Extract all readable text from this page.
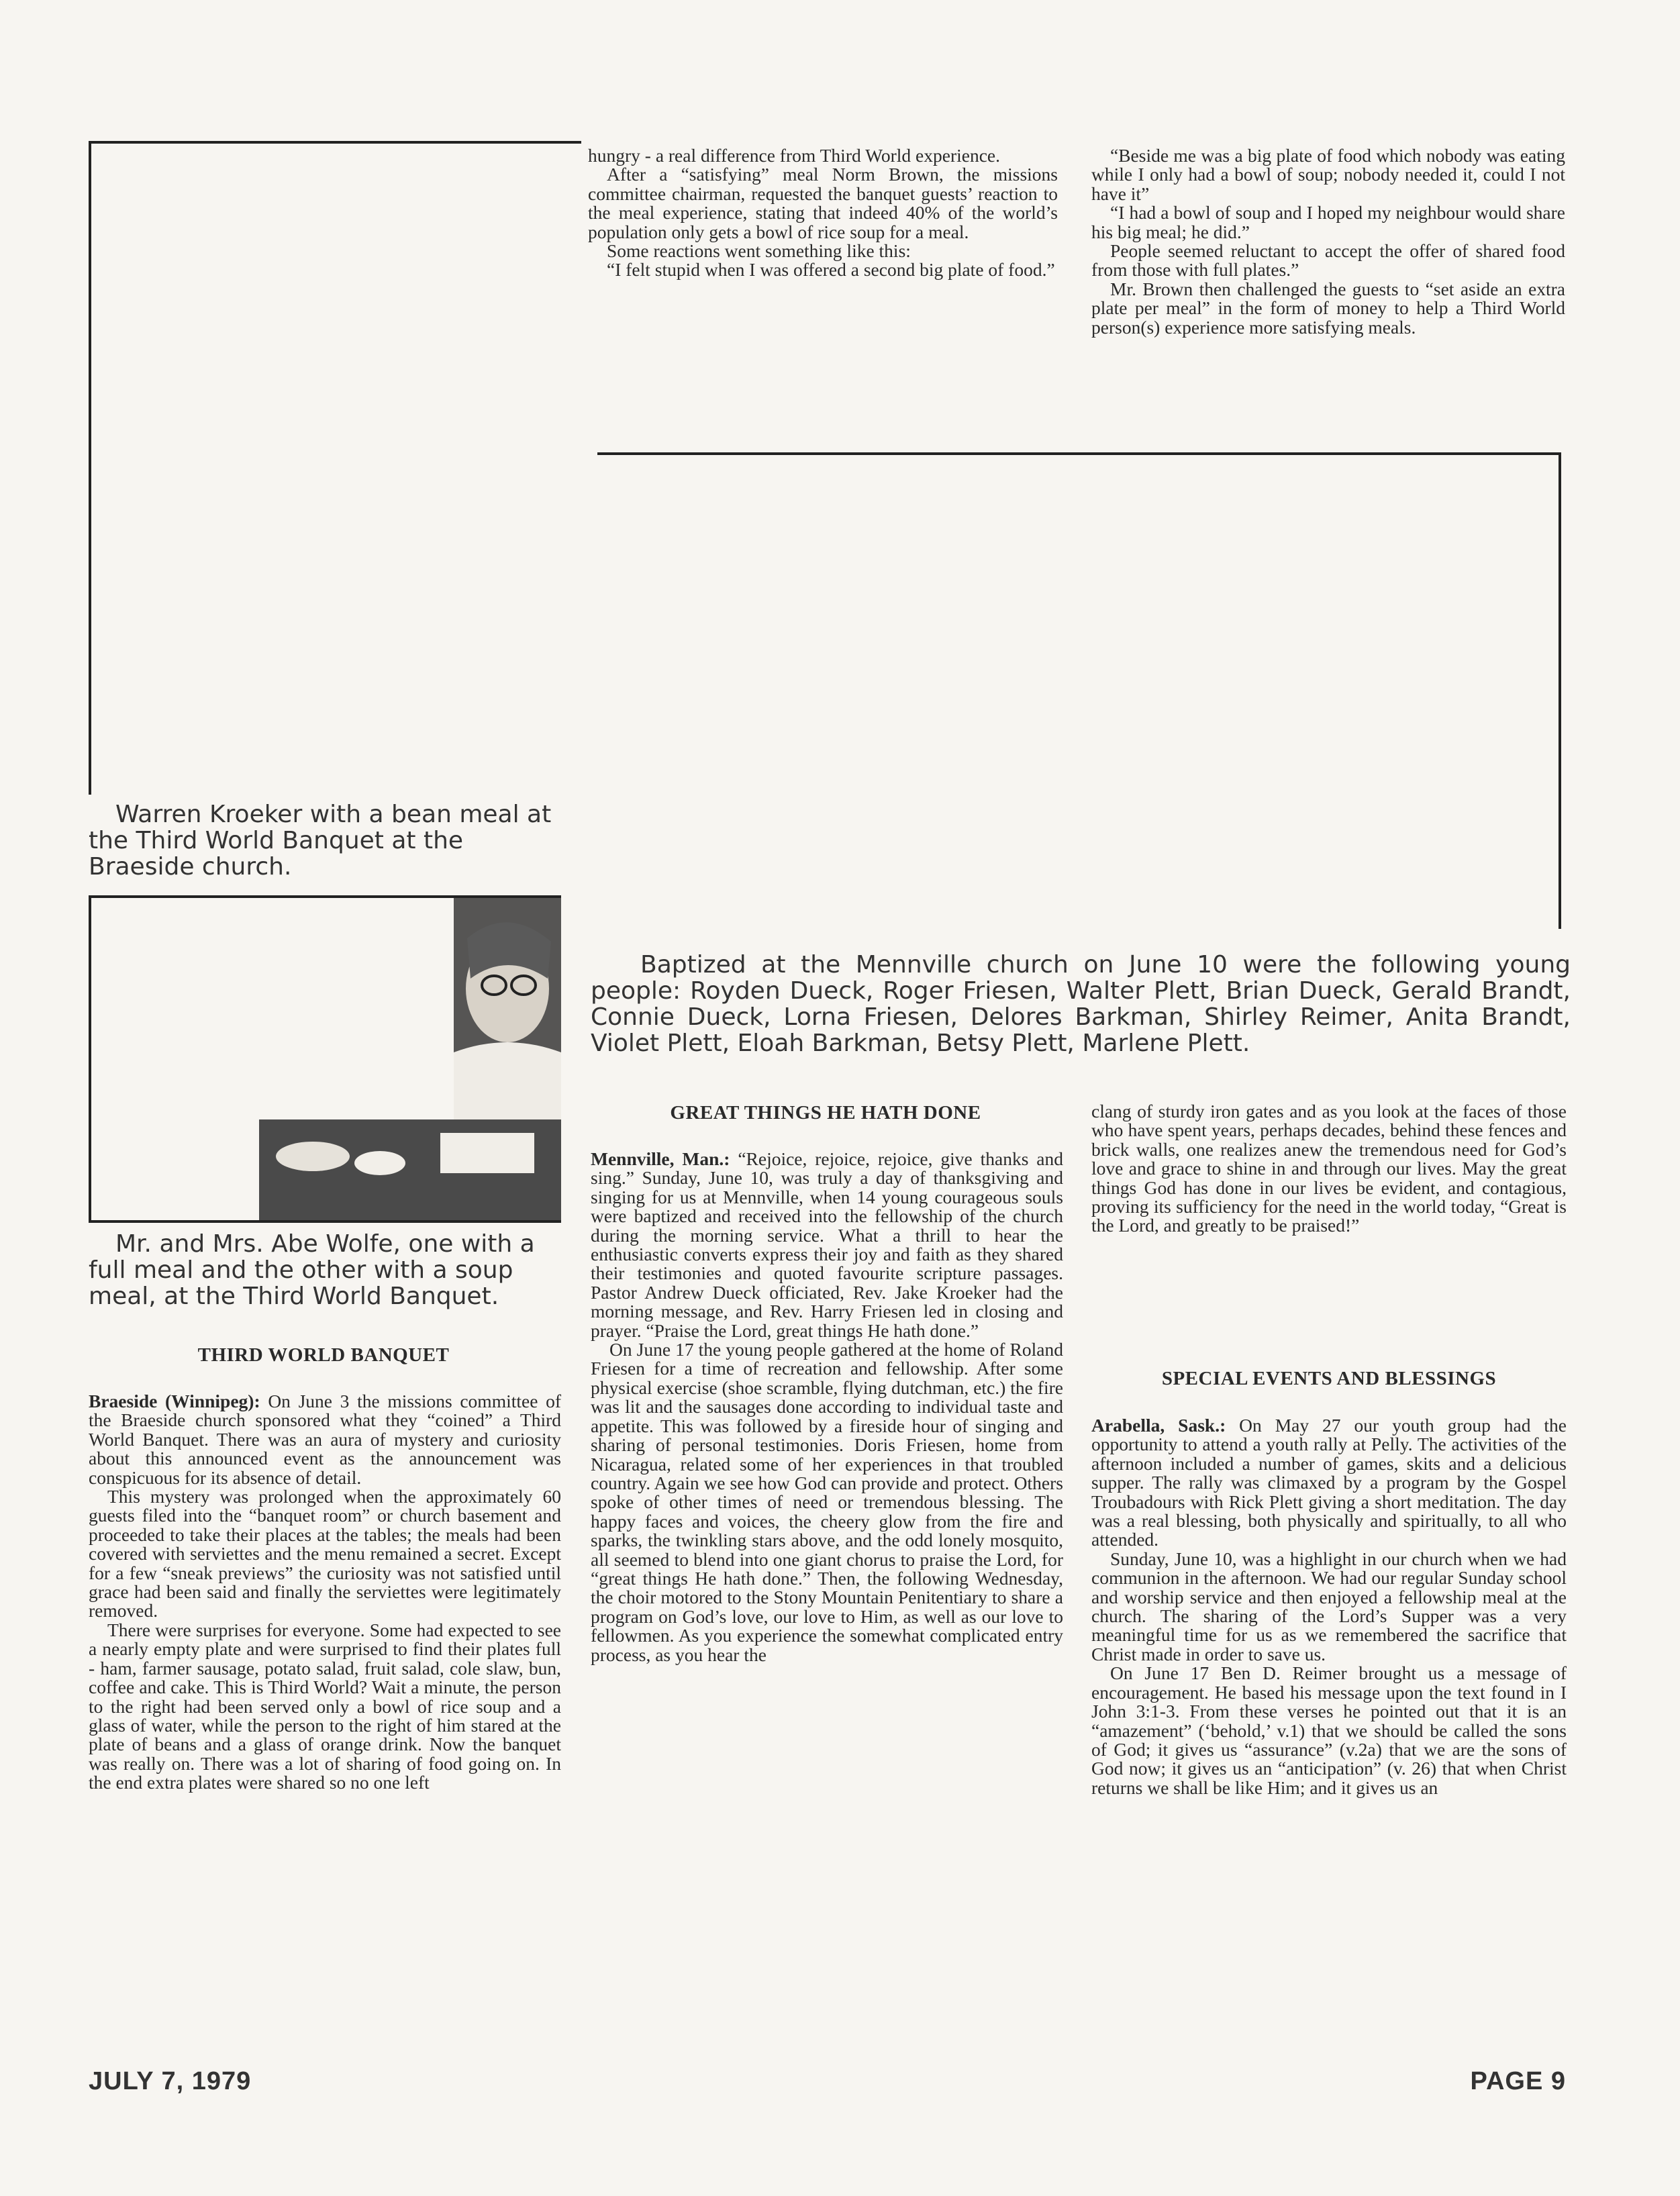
hungry - a real difference from Third World experience.

After a “satisfying” meal Norm Brown, the missions committee chairman, requested the banquet guests’ reaction to the meal experience, stating that indeed 40% of the world’s population only gets a bowl of rice soup for a meal.

Some reactions went something like this:

“I felt stupid when I was offered a second big plate of food.”

“Beside me was a big plate of food which nobody was eating while I only had a bowl of soup; nobody needed it, could I not have it”

“I had a bowl of soup and I hoped my neighbour would share his big meal; he did.”

People seemed reluctant to accept the offer of shared food from those with full plates.”

Mr. Brown then challenged the guests to “set aside an extra plate per meal” in the form of money to help a Third World person(s) experience more satisfying meals.

Warren Kroeker with a bean meal at the Third World Banquet at the Braeside church.
Mr. and Mrs. Abe Wolfe, one with a full meal and the other with a soup meal, at the Third World Banquet.
Baptized at the Mennville church on June 10 were the following young people: Royden Dueck, Roger Friesen, Walter Plett, Brian Dueck, Gerald Brandt, Connie Dueck, Lorna Friesen, Delores Barkman, Shirley Reimer, Anita Brandt, Violet Plett, Eloah Barkman, Betsy Plett, Marlene Plett.
THIRD WORLD BANQUET

Braeside (Winnipeg): On June 3 the missions committee of the Braeside church sponsored what they “coined” a Third World Banquet. There was an aura of mystery and curiosity about this announced event as the announcement was conspicuous for its absence of detail.

This mystery was prolonged when the approximately 60 guests filed into the “banquet room” or church basement and proceeded to take their places at the tables; the meals had been covered with serviettes and the menu remained a secret. Except for a few “sneak previews” the curiosity was not satisfied until grace had been said and finally the serviettes were legitimately removed.

There were surprises for everyone. Some had expected to see a nearly empty plate and were surprised to find their plates full - ham, farmer sausage, potato salad, fruit salad, cole slaw, bun, coffee and cake. This is Third World? Wait a minute, the person to the right had been served only a bowl of rice soup and a glass of water, while the person to the right of him stared at the plate of beans and a glass of orange drink. Now the banquet was really on. There was a lot of sharing of food going on. In the end extra plates were shared so no one left

GREAT THINGS HE HATH DONE

Mennville, Man.: “Rejoice, rejoice, rejoice, give thanks and sing.” Sunday, June 10, was truly a day of thanksgiving and singing for us at Mennville, when 14 young courageous souls were baptized and received into the fellowship of the church during the morning service. What a thrill to hear the enthusiastic converts express their joy and faith as they shared their testimonies and quoted favourite scripture passages. Pastor Andrew Dueck officiated, Rev. Jake Kroeker had the morning message, and Rev. Harry Friesen led in closing and prayer. “Praise the Lord, great things He hath done.”

On June 17 the young people gathered at the home of Roland Friesen for a time of recreation and fellowship. After some physical exercise (shoe scramble, flying dutchman, etc.) the fire was lit and the sausages done according to individual taste and appetite. This was followed by a fireside hour of singing and sharing of personal testimonies. Doris Friesen, home from Nicaragua, related some of her experiences in that troubled country. Again we see how God can provide and protect. Others spoke of other times of need or tremendous blessing. The happy faces and voices, the cheery glow from the fire and sparks, the twinkling stars above, and the odd lonely mosquito, all seemed to blend into one giant chorus to praise the Lord, for “great things He hath done.” Then, the following Wednesday, the choir motored to the Stony Mountain Penitentiary to share a program on God’s love, our love to Him, as well as our love to fellowmen. As you experience the somewhat complicated entry process, as you hear the

clang of sturdy iron gates and as you look at the faces of those who have spent years, perhaps decades, behind these fences and brick walls, one realizes anew the tremendous need for God’s love and grace to shine in and through our lives. May the great things God has done in our lives be evident, and contagious, proving its sufficiency for the need in the world today, “Great is the Lord, and greatly to be praised!”

SPECIAL EVENTS AND BLESSINGS

Arabella, Sask.: On May 27 our youth group had the opportunity to attend a youth rally at Pelly. The activities of the afternoon included a number of games, skits and a delicious supper. The rally was climaxed by a program by the Gospel Troubadours with Rick Plett giving a short meditation. The day was a real blessing, both physically and spiritually, to all who attended.

Sunday, June 10, was a highlight in our church when we had communion in the afternoon. We had our regular Sunday school and worship service and then enjoyed a fellowship meal at the church. The sharing of the Lord’s Supper was a very meaningful time for us as we remembered the sacrifice that Christ made in order to save us.

On June 17 Ben D. Reimer brought us a message of encouragement. He based his message upon the text found in I John 3:1-3. From these verses he pointed out that it is an “amazement” (‘behold,’ v.1) that we should be called the sons of God; it gives us “assurance” (v.2a) that we are the sons of God now; it gives us an “anticipation” (v. 26) that when Christ returns we shall be like Him; and it gives us an

JULY 7, 1979	PAGE 9
